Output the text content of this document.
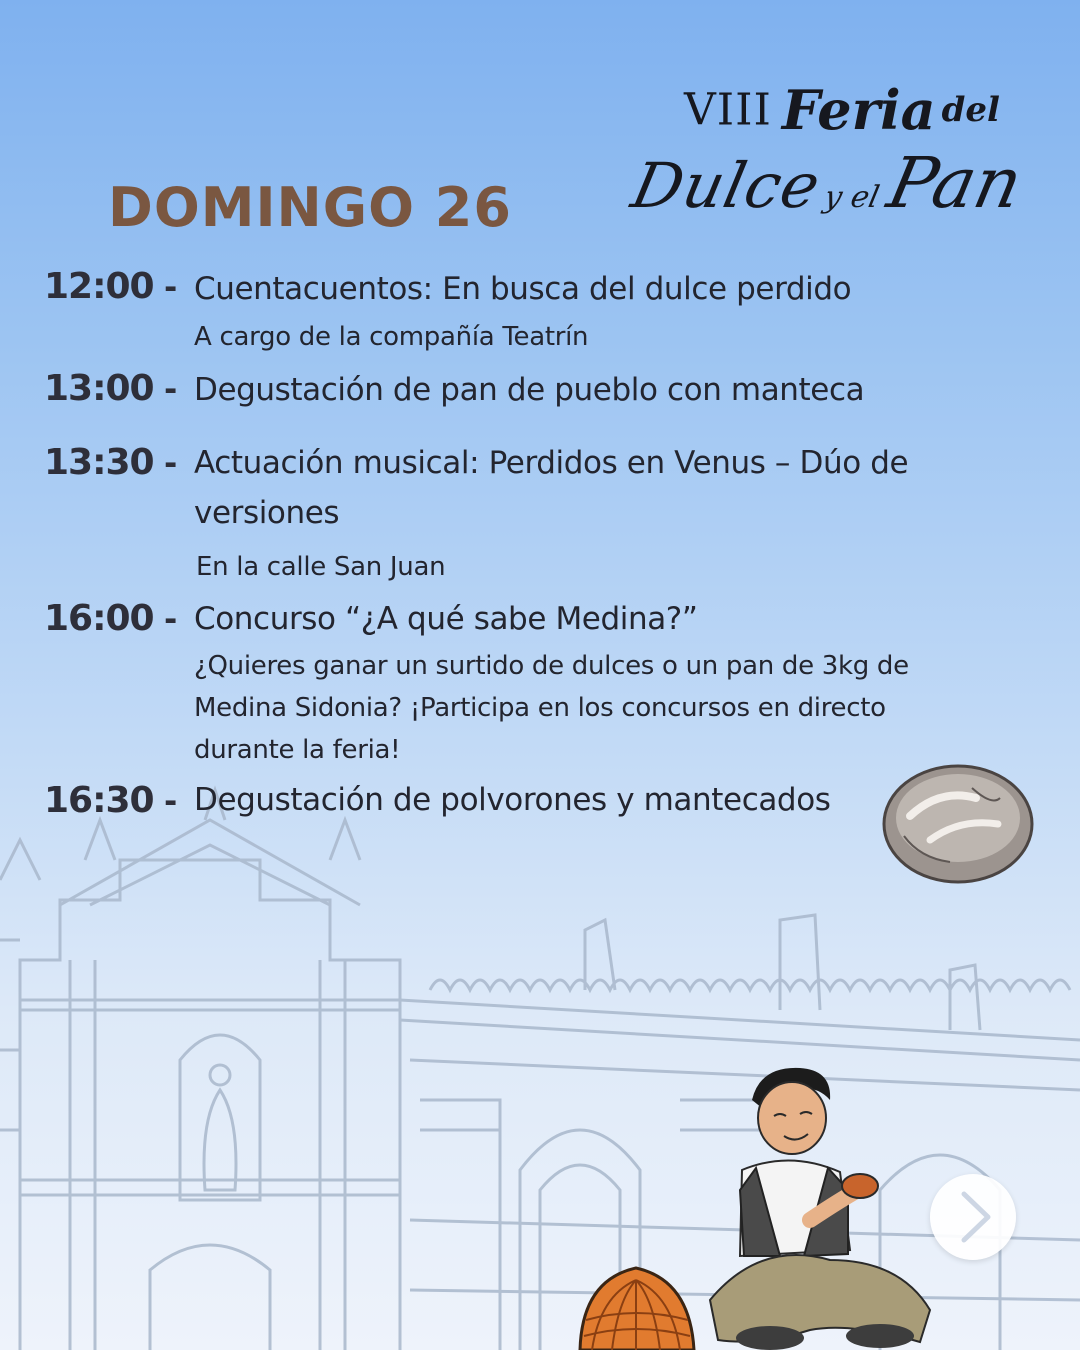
VIII Feria del
Dulcey elPan
DOMINGO 26
12:00 - Cuentacuentos: En busca del dulce perdido
A cargo de la compañía Teatrín
13:00 - Degustación de pan de pueblo con manteca
13:30 - Actuación musical: Perdidos en Venus – Dúo de versiones
En la calle San Juan
16:00 - Concurso “¿A qué sabe Medina?”
¿Quieres ganar un surtido de dulces o un pan de 3kg de Medina Sidonia? ¡Participa en los concursos en directo durante la feria!
16:30 - Degustación de polvorones y mantecados
